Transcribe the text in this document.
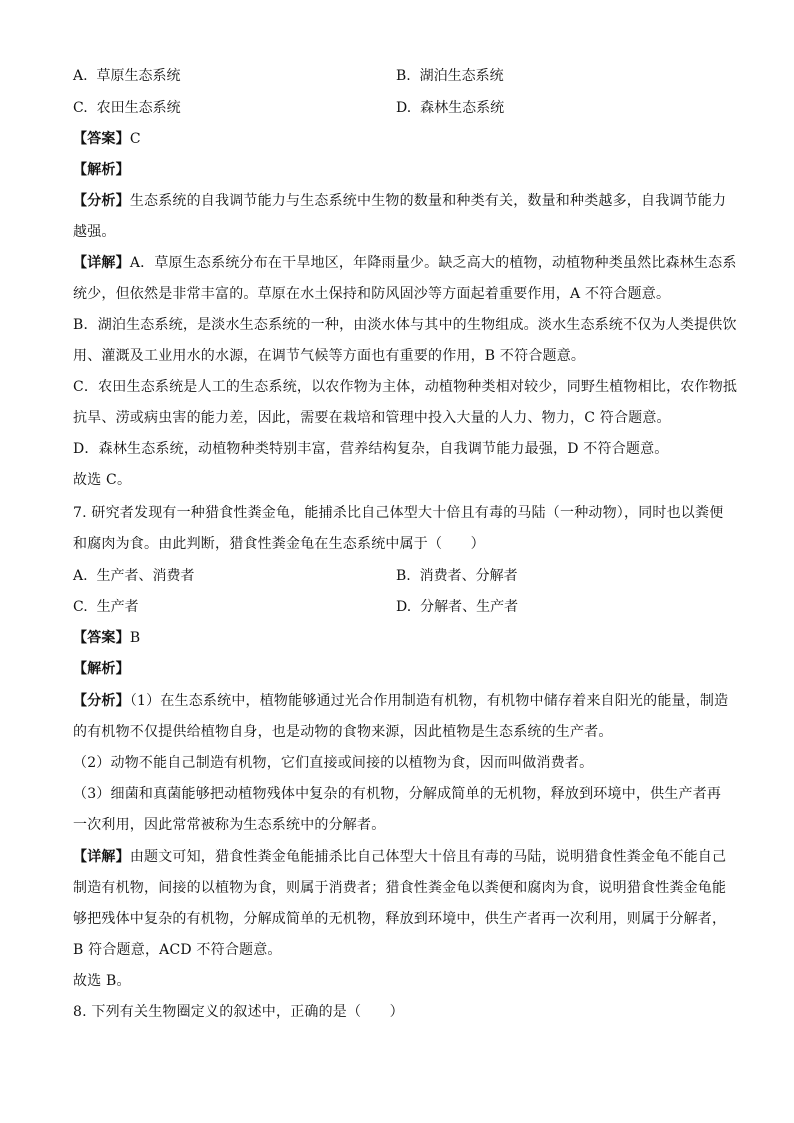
A. 草原生态系统	B. 湖泊生态系统
C. 农田生态系统	D. 森林生态系统
【答案】C
【解析】
【分析】生态系统的自我调节能力与生态系统中生物的数量和种类有关，数量和种类越多，自我调节能力
越强。
【详解】A．草原生态系统分布在干旱地区，年降雨量少。缺乏高大的植物，动植物种类虽然比森林生态系
统少，但依然是非常丰富的。草原在水土保持和防风固沙等方面起着重要作用，A 不符合题意。
B．湖泊生态系统，是淡水生态系统的一种，由淡水体与其中的生物组成。淡水生态系统不仅为人类提供饮
用、灌溉及工业用水的水源，在调节气候等方面也有重要的作用，B 不符合题意。
C．农田生态系统是人工的生态系统，以农作物为主体，动植物种类相对较少，同野生植物相比，农作物抵
抗旱、涝或病虫害的能力差，因此，需要在栽培和管理中投入大量的人力、物力，C 符合题意。
D．森林生态系统，动植物种类特别丰富，营养结构复杂，自我调节能力最强，D 不符合题意。
故选 C。
7. 研究者发现有一种猎食性粪金龟，能捕杀比自己体型大十倍且有毒的马陆（一种动物），同时也以粪便
和腐肉为食。由此判断，猎食性粪金龟在生态系统中属于（　　）
A. 生产者、消费者	B. 消费者、分解者
C. 生产者	D. 分解者、生产者
【答案】B
【解析】
【分析】（1）在生态系统中，植物能够通过光合作用制造有机物，有机物中储存着来自阳光的能量，制造
的有机物不仅提供给植物自身，也是动物的食物来源，因此植物是生态系统的生产者。
（2）动物不能自己制造有机物，它们直接或间接的以植物为食，因而叫做消费者。
（3）细菌和真菌能够把动植物残体中复杂的有机物，分解成简单的无机物，释放到环境中，供生产者再
一次利用，因此常常被称为生态系统中的分解者。
【详解】由题文可知，猎食性粪金龟能捕杀比自己体型大十倍且有毒的马陆，说明猎食性粪金龟不能自己
制造有机物，间接的以植物为食，则属于消费者；猎食性粪金龟以粪便和腐肉为食，说明猎食性粪金龟能
够把残体中复杂的有机物，分解成简单的无机物，释放到环境中，供生产者再一次利用，则属于分解者，
B 符合题意，ACD 不符合题意。
故选 B。
8. 下列有关生物圈定义的叙述中，正确的是（　　）
